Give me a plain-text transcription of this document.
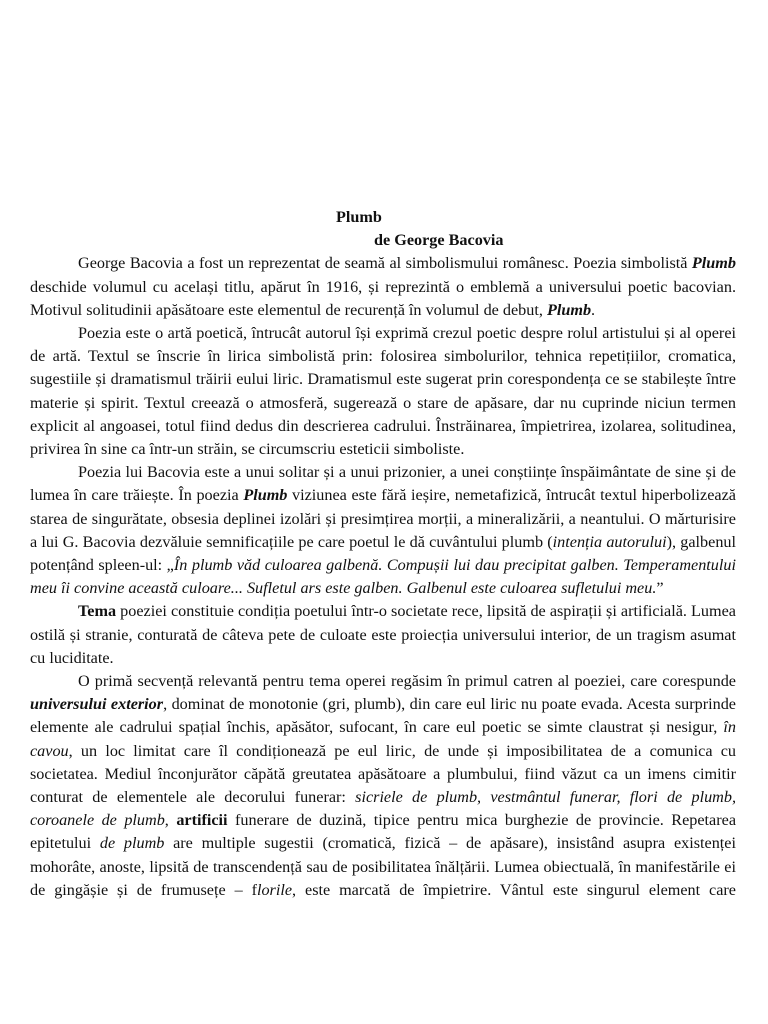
Plumb
de George Bacovia

George Bacovia a fost un reprezentat de seamă al simbolismului românesc. Poezia simbolistă Plumb deschide volumul cu același titlu, apărut în 1916, și reprezintă o emblemă a universului poetic bacovian. Motivul solitudinii apăsătoare este elementul de recurență în volumul de debut, Plumb.

Poezia este o artă poetică, întrucât autorul își exprimă crezul poetic despre rolul artistului și al operei de artă. Textul se înscrie în lirica simbolistă prin: folosirea simbolurilor, tehnica repetițiilor, cromatica, sugestiile și dramatismul trăirii eului liric. Dramatismul este sugerat prin corespondența ce se stabilește între materie și spirit. Textul creează o atmosferă, sugerează o stare de apăsare, dar nu cuprinde niciun termen explicit al angoasei, totul fiind dedus din descrierea cadrului. Înstrăinarea, împietrirea, izolarea, solitudinea, privirea în sine ca într-un străin, se circumscriu esteticii simboliste.

Poezia lui Bacovia este a unui solitar și a unui prizonier, a unei conștiințe înspăimântate de sine și de lumea în care trăiește. În poezia Plumb viziunea este fără ieșire, nemetafizică, întrucât textul hiperbolizează starea de singurătate, obsesia deplinei izolări și presimțirea morții, a mineralizării, a neantului. O mărturisire a lui G. Bacovia dezvăluie semnificațiile pe care poetul le dă cuvântului plumb (intenția autorului), galbenul potențând spleen-ul: „În plumb văd culoarea galbenă. Compușii lui dau precipitat galben. Temperamentului meu îi convine această culoare... Sufletul ars este galben. Galbenul este culoarea sufletului meu.”

Tema poeziei constituie condiția poetului într-o societate rece, lipsită de aspirații și artificială. Lumea ostilă și stranie, conturată de câteva pete de culoate este proiecția universului interior, de un tragism asumat cu luciditate.

O primă secvență relevantă pentru tema operei regăsim în primul catren al poeziei, care corespunde universului exterior, dominat de monotonie (gri, plumb), din care eul liric nu poate evada. Acesta surprinde elemente ale cadrului spațial închis, apăsător, sufocant, în care eul poetic se simte claustrat și nesigur, în cavou, un loc limitat care îl condiționează pe eul liric, de unde și imposibilitatea de a comunica cu societatea. Mediul înconjurător căpătă greutatea apăsătoare a plumbului, fiind văzut ca un imens cimitir conturat de elementele ale decorului funerar: sicriele de plumb, vestmântul funerar, flori de plumb, coroanele de plumb, artificii funerare de duzină, tipice pentru mica burghezie de provincie. Repetarea epitetului de plumb are multiple sugestii (cromatică, fizică – de apăsare), insistând asupra existenței mohorâte, anoste, lipsită de transcendență sau de posibilitatea înălțării. Lumea obiectuală, în manifestările ei de gingășie și de frumusețe – florile, este marcată de împietrire. Vântul este singurul element care
